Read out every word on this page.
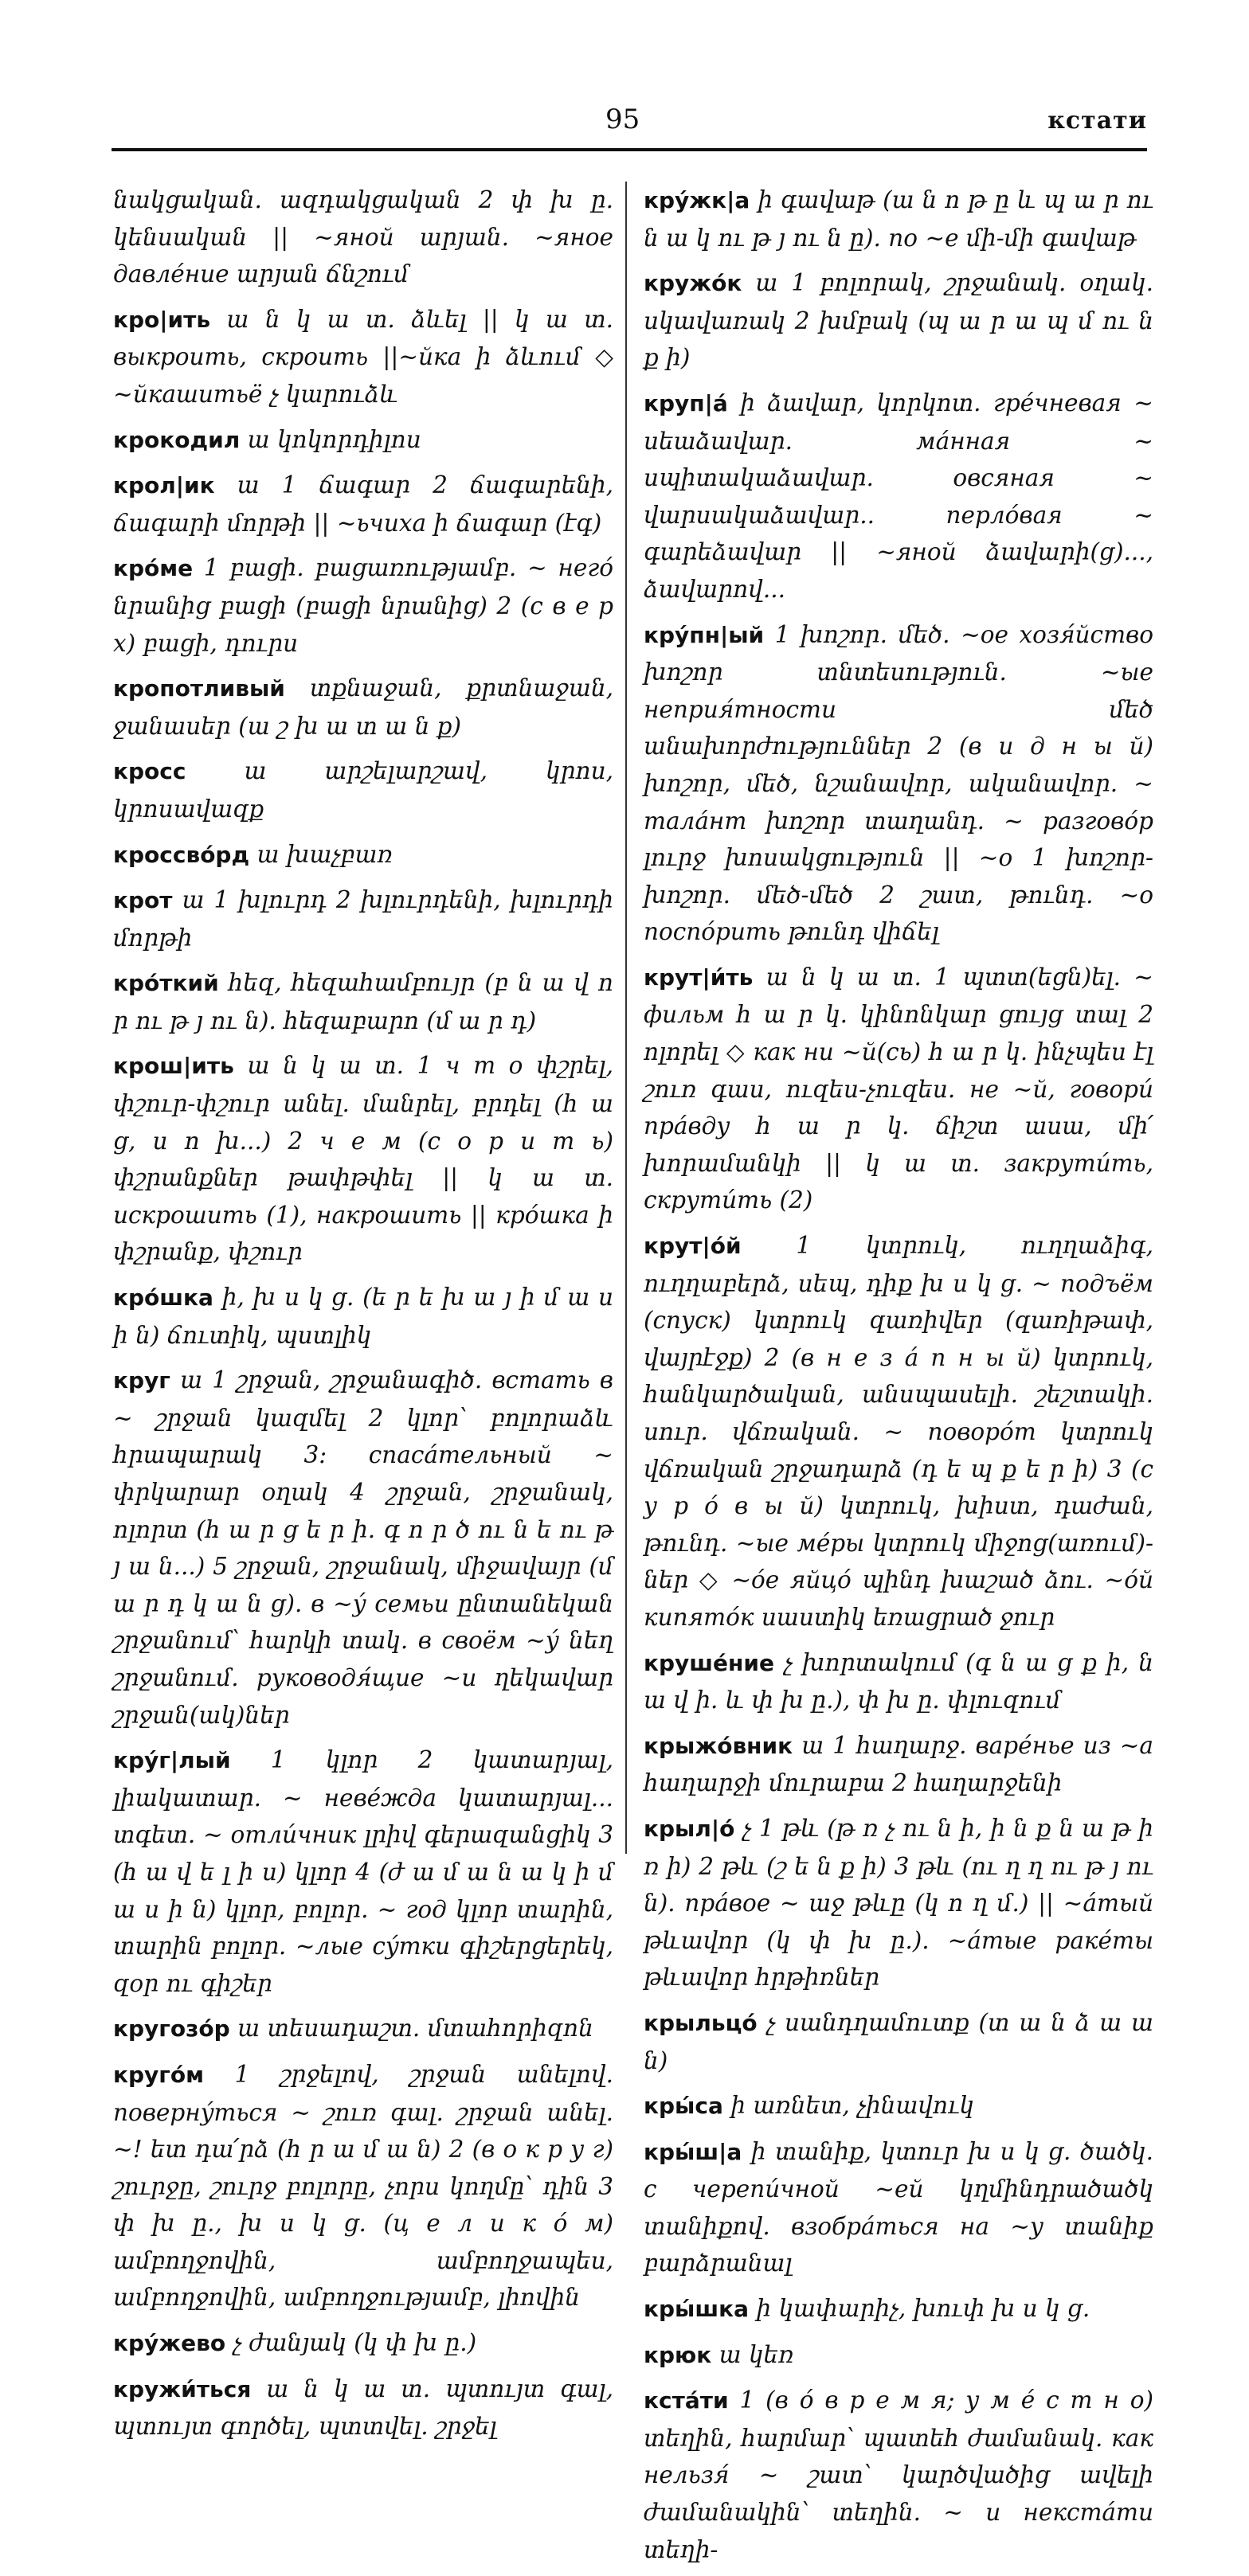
95	кстати

նակցական. ազդակցական 2 փ խ ը. կենսական || ~яной արյան. ~яное давлéние արյան ճնշում

кро|ить ա ն կ ա տ. ձևել || կ ա տ. выкроить, скроить ||~йка ի ձևում ◇ ~йкашитьё չ կարուձև

крокодил ա կոկորդիլոս

крол|ик ա 1 ճագար 2 ճագարենի, ճագարի մորթի || ~ьчиха ի ճագար (էգ)

крóме 1 բացի. բացառությամբ. ~ негó նրանից բացի (բացի նրանից) 2 (с в е р х) բացի, դուրս

кропотливый տքնաջան, քրտնաջան, ջանասեր (ա շ խ ա տ ա ն ք)

кросс ա արշելարշավ, կրոս, կրոսավազք

кроссвóрд ա խաչբառ

крот ա 1 խլուրդ 2 խլուրդենի, խլուրդի մորթի

крóткий հեզ, հեզահամբույր (բ ն ա վ ո ր ու թ յ ու ն). հեզաբարո (մ ա ր դ)

крош|ить ա ն կ ա տ. 1 ч т о փշրել, փշուր-փշուր անել. մանրել, բրդել (հ ա ց, ս ո խ...) 2 ч е м (с о р и т ь) փշրանքներ թափթփել || կ ա տ. искрошить (1), накрошить || крóшка ի փշրանք, փշուր

крóшка ի, խ ս կ ց. (ե ր ե խ ա յ ի մ ա ս ի ն) ճուտիկ, պստլիկ

круг ա 1 շրջան, շրջանագիծ. встать в ~ շրջան կազմել 2 կլոր՝ բոլորաձև հրապարակ 3: спасáтельный ~ փրկարար օղակ 4 շրջան, շրջանակ, ոլորտ (հ ա ր ց ե ր ի. գ ո ր ծ ու ն ե ու թ յ ա ն...) 5 շրջան, շրջանակ, միջավայր (մ ա ր դ կ ա ն ց). в ~ý семьи ընտանեկան շրջանում՝ հարկի տակ. в своём ~ý նեղ շրջանում. руководя́щие ~и ղեկավար շրջան(ակ)ներ

крýг|лый 1 կլոր 2 կատարյալ, լիակատար. ~ невéжда կատարյալ... տգետ. ~ отли́чник լրիվ գերազանցիկ 3 (հ ա վ ե լ ի ս) կլոր 4 (ժ ա մ ա ն ա կ ի մ ա ս ի ն) կլոր, բոլոր. ~ год կլոր տարին, տարին բոլոր. ~лые сýтки գիշերցերեկ, զօր ու գիշեր

кругозóр ա տեսադաշտ. մտահորիզոն

кругóм 1 շրջելով, շրջան անելով. повернýться ~ շուռ գալ. շրջան անել. ~! ետ դա՛րձ (հ ր ա մ ա ն) 2 (в о к р у г) շուրջը, շուրջ բոլորը, չորս կողմը՝ դին 3 փ խ ը., խ ս կ ց. (ц е л и к ó м) ամբողջովին, ամբողջապես, ամբողջովին, ամբողջությամբ, լիովին

крýжево չ ժանյակ (կ փ խ ը.)

кружи́ться ա ն կ ա տ. պտույտ գալ, պտույտ գործել, պտտվել. շրջել

крýжк|а ի գավաթ (ա ն ո թ ը և պ ա ր ու ն ա կ ու թ յ ու ն ը). по ~е մի-մի գավաթ

кружóк ա 1 բոլորակ, շրջանակ. օղակ. սկավառակ 2 խմբակ (պ ա ր ա պ մ ու ն ք ի)

круп|á ի ձավար, կորկոտ. грéчневая ~ սեաձավար. мáнная ~ սպիտակաձավար. овсяная ~ վարսակաձավար.. перлóвая ~ գարեձավար || ~яной ձավարի(ց)..., ձավարով...

крýпн|ый 1 խոշոր. մեծ. ~ое хозя́йство խոշոր տնտեսություն. ~ые неприя́тности մեծ անախորժություններ 2 (в и д н ы й) խոշոր, մեծ, նշանավոր, ականավոր. ~ талáнт խոշոր տաղանդ. ~ разговóр լուրջ խոսակցություն || ~о 1 խոշոր-խոշոր. մեծ-մեծ 2 շատ, թունդ. ~о поспóрить թունդ վիճել

крут|и́ть ա ն կ ա տ. 1 պտտ(եցն)ել. ~ фильм հ ա ր կ. կինոնկար ցույց տալ 2 ոլորել ◇ как ни ~й(сь) հ ա ր կ. ինչպես էլ շուռ գաս, ուզես-չուզես. не ~й, говори́ прáвду հ ա ր կ. ճիշտ ասա, մի՛ խորամանկի || կ ա տ. закрути́ть, скрути́ть (2)

крут|óй 1 կտրուկ, ուղղաձիգ, ուղղաբերձ, սեպ, դիք խ ս կ ց. ~ подъём (спуск) կտրուկ զառիվեր (զառիթափ, վայրէջք) 2 (в н е з á п н ы й) կտրուկ, հանկարծական, անսպասելի. շեշտակի. սուր. վճռական. ~ поворóт կտրուկ վճռական շրջադարձ (դ ե պ ք ե ր ի) 3 (с у р ó в ы й) կտրուկ, խիստ, դաժան, թունդ. ~ые мéры կտրուկ միջոց(առում)-ներ ◇ ~óе яйцó պինդ խաշած ձու. ~óй кипятóк սաստիկ եռացրած ջուր

крушéние չ խորտակում (գ ն ա ց ք ի, ն ա վ ի. և փ խ ը.), փ խ ը. փլուզում

крыжóвник ա 1 հաղարջ. варéнье из ~а հաղարջի մուրաբա 2 հաղարջենի

крыл|ó չ 1 թև (թ ռ չ ու ն ի, ի ն ք ն ա թ ի ռ ի) 2 թև (շ ե ն ք ի) 3 թև (ու ղ ղ ու թ յ ու ն). прáвое ~ աջ թևը (կ ո ղ մ.) || ~áтый թևավոր (կ փ խ ը.). ~áтые ракéты թևավոր հրթիռներ

крыльцó չ սանդղամուտք (տ ա ն ձ ա ա ն)

кры́са ի առնետ, չինավուկ

кры́ш|а ի տանիք, կտուր խ ս կ ց. ծածկ. с черепи́чной ~ей կղմինդրածածկ տանիքով. взобрáться на ~у տանիք բարձրանալ

кры́шка ի կափարիչ, խուփ խ ս կ ց.

крюк ա կեռ

кстáти 1 (в ó в р е м я; у м é с т н о) տեղին, հարմար՝ պատեհ ժամանակ. как нельзя́ ~ շատ՝ կարծվածից ավելի ժամանակին՝ տեղին. ~ и некстáти տեղի-
